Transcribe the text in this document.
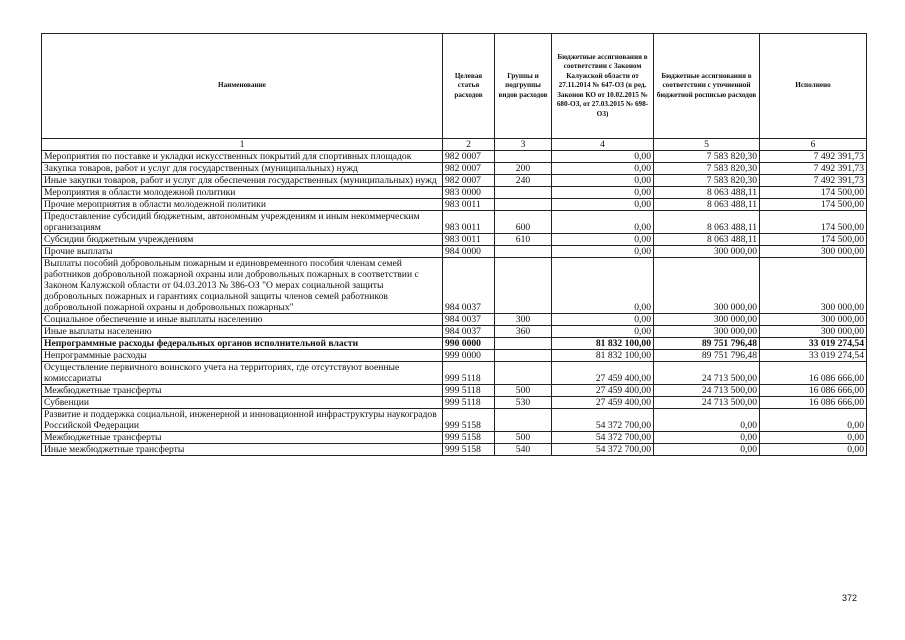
Наименование	Целевая статья расходов	Группы и подгруппы видов расходов	Бюджетные ассигнования в соответствии с Законом Калужской области от 27.11.2014 № 647-ОЗ (в ред. Законов КО от 10.02.2015 № 680-ОЗ, от 27.03.2015 № 698-ОЗ)	Бюджетные ассигнования в соответствии с уточненной бюджетной росписью расходов	Исполнено
1	2	3	4	5	6
Мероприятия по поставке и укладки искусственных покрытий для спортивных площадок	982 0007		0,00	7 583 820,30	7 492 391,73
Закупка товаров, работ и услуг для государственных (муниципальных) нужд	982 0007	200	0,00	7 583 820,30	7 492 391,73
Иные закупки товаров, работ и услуг для обеспечения государственных (муниципальных) нужд	982 0007	240	0,00	7 583 820,30	7 492 391,73
Мероприятия в области молодежной политики	983 0000		0,00	8 063 488,11	174 500,00
Прочие мероприятия в области молодежной политики	983 0011		0,00	8 063 488,11	174 500,00
Предоставление субсидий бюджетным, автономным учреждениям и иным некоммерческим организациям	983 0011	600	0,00	8 063 488,11	174 500,00
Субсидии бюджетным учреждениям	983 0011	610	0,00	8 063 488,11	174 500,00
Прочие выплаты	984 0000		0,00	300 000,00	300 000,00
Выплаты пособий добровольным пожарным и единовременного пособия членам семей работников добровольной пожарной охраны или добровольных пожарных в соответствии с Законом Калужской области от 04.03.2013 № 386-ОЗ "О мерах социальной защиты добровольных пожарных и гарантиях социальной защиты членов семей работников добровольной пожарной охраны и добровольных пожарных"	984 0037		0,00	300 000,00	300 000,00
Социальное обеспечение и иные выплаты населению	984 0037	300	0,00	300 000,00	300 000,00
Иные выплаты населению	984 0037	360	0,00	300 000,00	300 000,00
Непрограммные расходы федеральных органов исполнительной власти	990 0000		81 832 100,00	89 751 796,48	33 019 274,54
Непрограммные расходы	999 0000		81 832 100,00	89 751 796,48	33 019 274,54
Осуществление первичного воинского учета на территориях, где отсутствуют военные комиссариаты	999 5118		27 459 400,00	24 713 500,00	16 086 666,00
Межбюджетные трансферты	999 5118	500	27 459 400,00	24 713 500,00	16 086 666,00
Субвенции	999 5118	530	27 459 400,00	24 713 500,00	16 086 666,00
Развитие и поддержка социальной, инженерной и инновационной инфраструктуры наукоградов Российской Федерации	999 5158		54 372 700,00	0,00	0,00
Межбюджетные трансферты	999 5158	500	54 372 700,00	0,00	0,00
Иные межбюджетные трансферты	999 5158	540	54 372 700,00	0,00	0,00
372
